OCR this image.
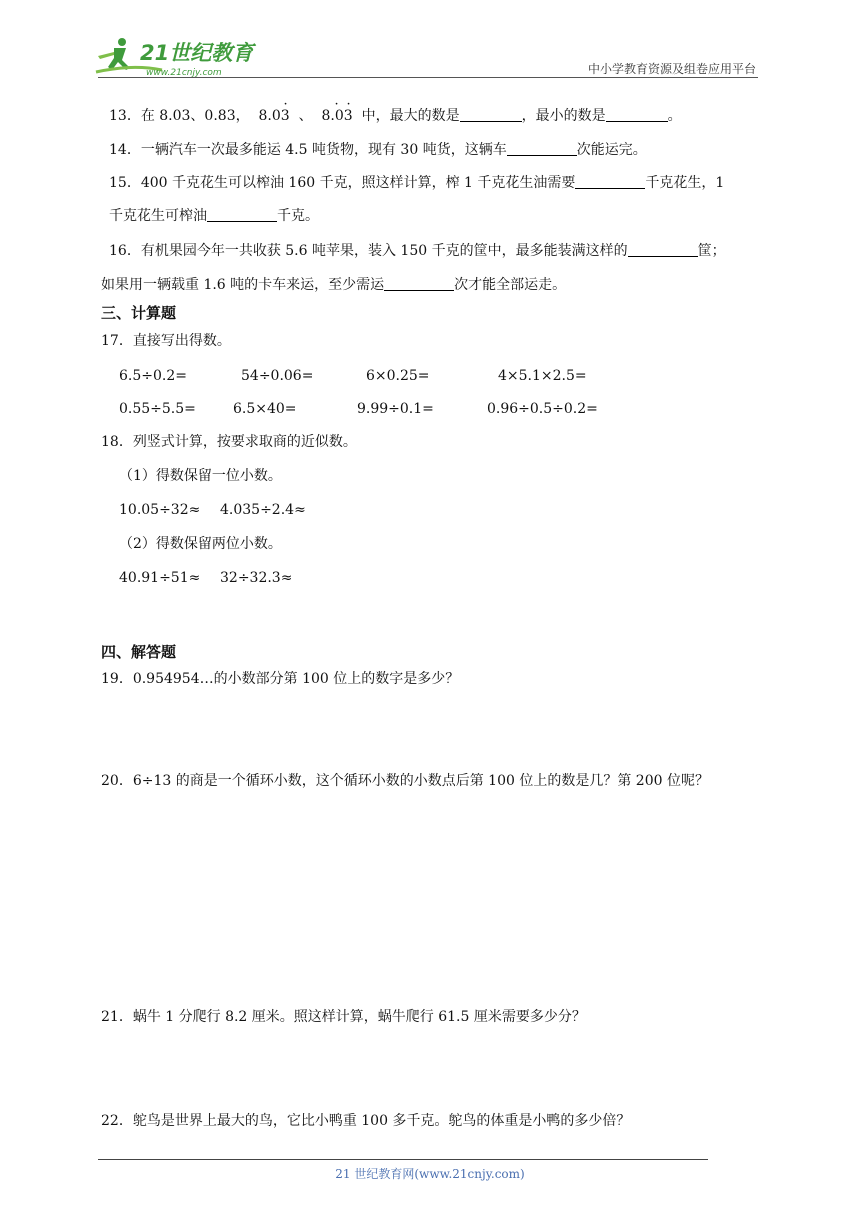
21世纪教育
www.21cnjy.com	中小学教育资源及组卷应用平台
13．在 8.03、0.83， 8.03
·
、 8.03
· ·
中，最大的数是	，最小的数是	。
14．一辆汽车一次最多能运 4.5 吨货物，现有 30 吨货，这辆车	次能运完。
15．400 千克花生可以榨油 160 千克，照这样计算，榨 1 千克花生油需要	千克花生，1
千克花生可榨油	千克。
16．有机果园今年一共收获 5.6 吨苹果，装入 150 千克的筐中，最多能装满这样的	筐；
如果用一辆载重 1.6 吨的卡车来运，至少需运	次才能全部运走。
三、计算题
17．直接写出得数。
6.5÷0.2=	54÷0.06=	6×0.25=	4×5.1×2.5=
0.55÷5.5=	6.5×40=	9.99÷0.1=	0.96÷0.5÷0.2=
18．列竖式计算，按要求取商的近似数。
（1）得数保留一位小数。
10.05÷32≈ 4.035÷2.4≈
（2）得数保留两位小数。
40.91÷51≈ 32÷32.3≈
四、解答题
19．0.954954…的小数部分第 100 位上的数字是多少？
20．6÷13 的商是一个循环小数，这个循环小数的小数点后第 100 位上的数是几？第 200 位呢？
21．蜗牛 1 分爬行 8.2 厘米。照这样计算，蜗牛爬行 61.5 厘米需要多少分？
22．鸵鸟是世界上最大的鸟，它比小鸭重 100 多千克。鸵鸟的体重是小鸭的多少倍？
21 世纪教育网(www.21cnjy.com)
